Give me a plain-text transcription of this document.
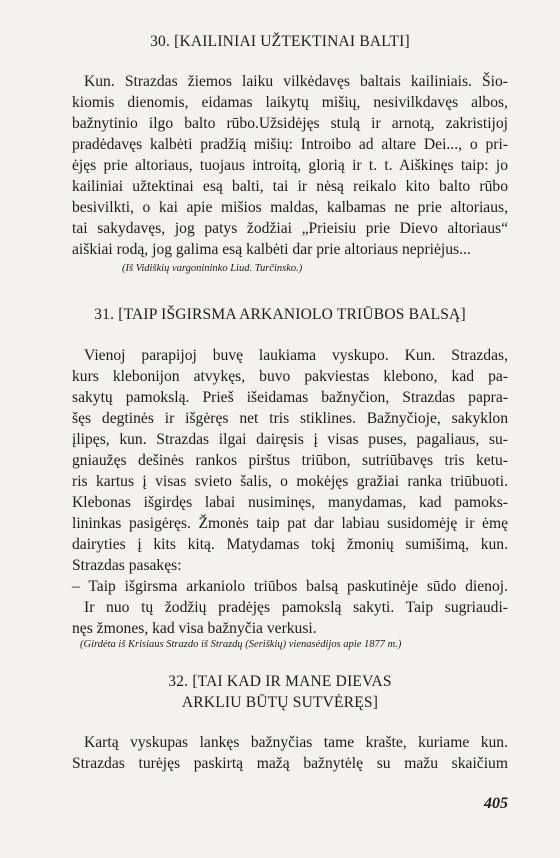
30. [KAILINIAI UŽTEKTINAI BALTI]
Kun. Strazdas žiemos laiku vilkėdavęs baltais kailiniais. Šio-
kiomis dienomis, eidamas laikytų mišių, nesivilkdavęs albos,
bažnytinio ilgo balto rūbo.Užsidėjęs stulą ir arnotą, zakristijoj
pradėdavęs kalbėti pradžią mišių: Introibo ad altare Dei..., o pri-
ėjęs prie altoriaus, tuojaus introitą, glorią ir t. t. Aiškinęs taip: jo
kailiniai užtektinai esą balti, tai ir nėsą reikalo kito balto rūbo
besivilkti, o kai apie mišios maldas, kalbamas ne prie altoriaus,
tai sakydavęs, jog patys žodžiai „Prieisiu prie Dievo altoriaus“
aiškiai rodą, jog galima esą kalbėti dar prie altoriaus nepriėjus...
(Iš Vidiškių vargonininko Liud. Turčinsko.)
31. [TAIP IŠGIRSMA ARKANIOLO TRIŪBOS BALSĄ]
Vienoj parapijoj buvę laukiama vyskupo. Kun. Strazdas,
kurs klebonijon atvykęs, buvo pakviestas klebono, kad pa-
sakytų pamokslą. Prieš išeidamas bažnyčion, Strazdas papra-
šęs degtinės ir išgėręs net tris stiklines. Bažnyčioje, sakyklon
įlipęs, kun. Strazdas ilgai dairęsis į visas puses, pagaliaus, su-
gniaužęs dešinės rankos pirštus triūbon, sutriūbavęs tris ketu-
ris kartus į visas svieto šalis, o mokėjęs gražiai ranka triūbuoti.
Klebonas išgirdęs labai nusiminęs, manydamas, kad pamoks-
lininkas pasigėręs. Žmonės taip pat dar labiau susidomėję ir ėmę
dairyties į kits kitą. Matydamas tokį žmonių sumišimą, kun.
Strazdas pasakęs:
– Taip išgirsma arkaniolo triūbos balsą paskutinėje sūdo dienoj.
Ir nuo tų žodžių pradėjęs pamokslą sakyti. Taip sugriaudi-
nęs žmones, kad visa bažnyčia verkusi.
(Girdėta iš Krisiaus Strazdo iš Strazdų (Seriškių) vienasėdijos apie 1877 m.)
32. [TAI KAD IR MANE DIEVAS
ARKLIU BŪTŲ SUTVĖRĘS]
Kartą vyskupas lankęs bažnyčias tame krašte, kuriame kun.
Strazdas turėjęs paskirtą mažą bažnytėlę su mažu skaičium
405
